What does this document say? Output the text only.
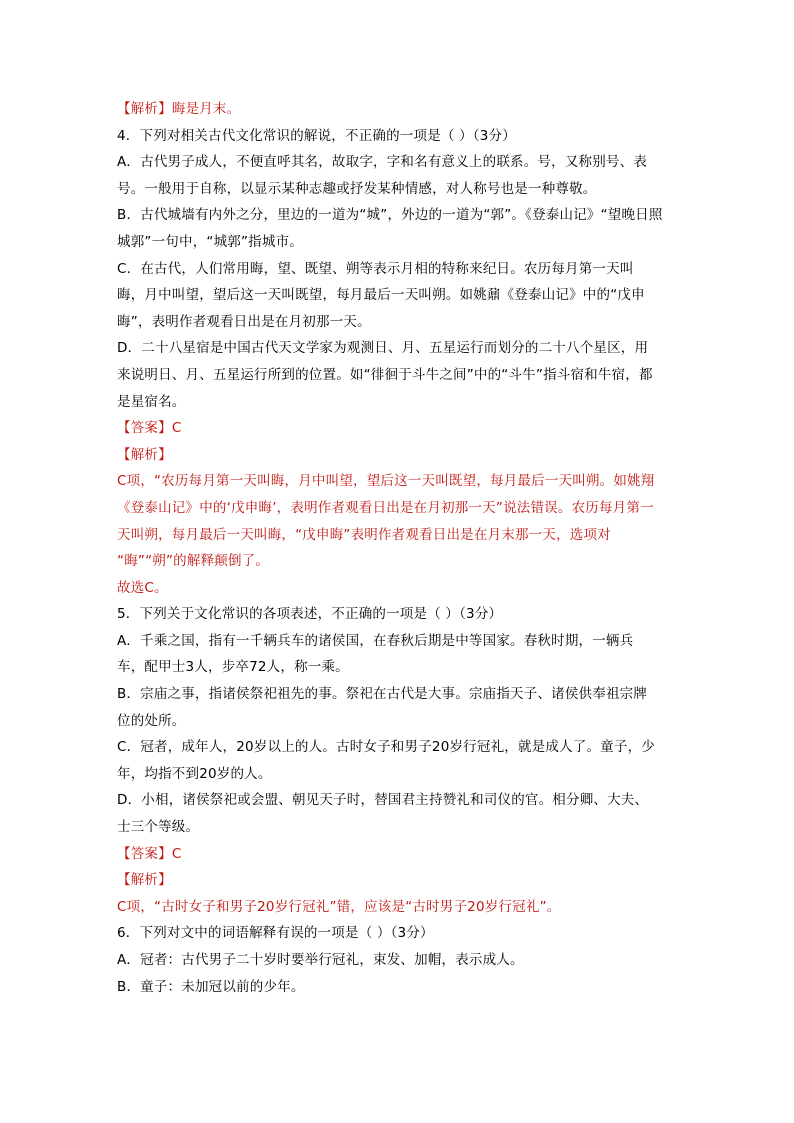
【解析】晦是月末。
4．下列对相关古代文化常识的解说，不正确的一项是（ ）（3分）
A．古代男子成人，不便直呼其名，故取字，字和名有意义上的联系。号，又称别号、表
号。一般用于自称，以显示某种志趣或抒发某种情感，对人称号也是一种尊敬。
B．古代城墙有内外之分，里边的一道为“城”，外边的一道为“郭”。《登泰山记》“望晚日照
城郭”一句中，“城郭”指城市。
C．在古代，人们常用晦，望、既望、朔等表示月相的特称来纪日。农历每月第一天叫
晦，月中叫望，望后这一天叫既望，每月最后一天叫朔。如姚鼐《登泰山记》中的“戊申
晦”，表明作者观看日出是在月初那一天。
D．二十八星宿是中国古代天文学家为观测日、月、五星运行而划分的二十八个星区，用
来说明日、月、五星运行所到的位置。如“徘徊于斗牛之间”中的“斗牛”指斗宿和牛宿，都
是星宿名。
【答案】C
【解析】
C项，“农历每月第一天叫晦，月中叫望，望后这一天叫既望，每月最后一天叫朔。如姚翔
《登泰山记》中的‘戊申晦’，表明作者观看日出是在月初那一天”说法错误。农历每月第一
天叫朔，每月最后一天叫晦，“戊申晦”表明作者观看日出是在月末那一天，选项对
“晦”“朔”的解释颠倒了。
故选C。
5．下列关于文化常识的各项表述，不正确的一项是（ ）（3分）
A．千乘之国，指有一千辆兵车的诸侯国，在春秋后期是中等国家。春秋时期，一辆兵
车，配甲士3人，步卒72人，称一乘。
B．宗庙之事，指诸侯祭祀祖先的事。祭祀在古代是大事。宗庙指天子、诸侯供奉祖宗牌
位的处所。
C．冠者，成年人，20岁以上的人。古时女子和男子20岁行冠礼，就是成人了。童子，少
年，均指不到20岁的人。
D．小相，诸侯祭祀或会盟、朝见天子时，替国君主持赞礼和司仪的官。相分卿、大夫、
士三个等级。
【答案】C
【解析】
C项，“古时女子和男子20岁行冠礼”错，应该是“古时男子20岁行冠礼”。
6．下列对文中的词语解释有误的一项是（ ）（3分）
A．冠者：古代男子二十岁时要举行冠礼，束发、加帽，表示成人。
B．童子：未加冠以前的少年。
